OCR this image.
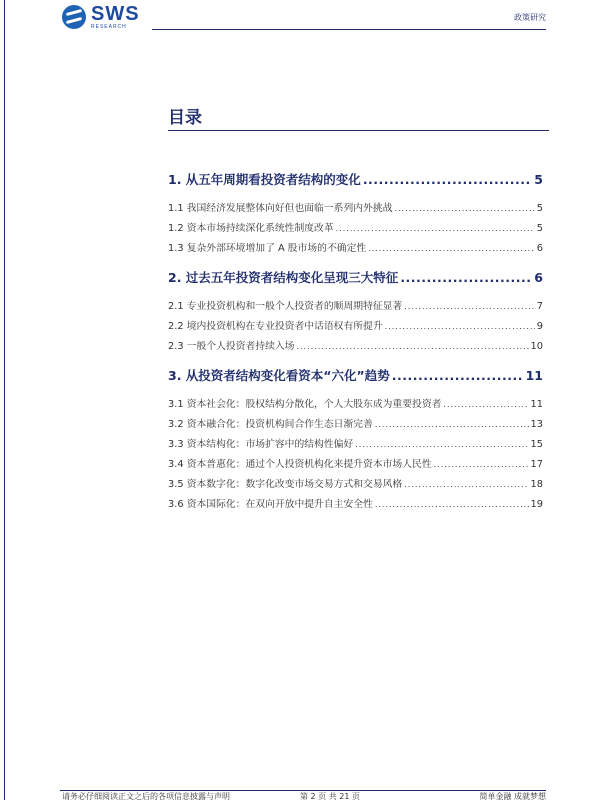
SWS
RESEARCH
政策研究
目录
1. 从五年周期看投资者结构的变化 .....	5
1.1 我国经济发展整体向好但也面临一系列内外挑战 .....	5
1.2 资本市场持续深化系统性制度改革 .....	5
1.3 复杂外部环境增加了 A 股市场的不确定性 .....	6
2. 过去五年投资者结构变化呈现三大特征 .....	6
2.1 专业投资机构和一般个人投资者的顺周期特征显著 .....	7
2.2 境内投资机构在专业投资者中话语权有所提升 .....	9
2.3 一般个人投资者持续入场 .....	10
3. 从投资者结构变化看资本“六化”趋势 .....	11
3.1 资本社会化：股权结构分散化，个人大股东成为重要投资者 .....	11
3.2 资本融合化：投资机构间合作生态日渐完善 .....	13
3.3 资本结构化：市场扩容中的结构性偏好 .....	15
3.4 资本普惠化：通过个人投资机构化来提升资本市场人民性 .....	17
3.5 资本数字化：数字化改变市场交易方式和交易风格 .....	18
3.6 资本国际化：在双向开放中提升自主安全性 .....	19
请务必仔细阅读正文之后的各项信息披露与声明	第 2 页 共 21 页	简单金融 成就梦想
